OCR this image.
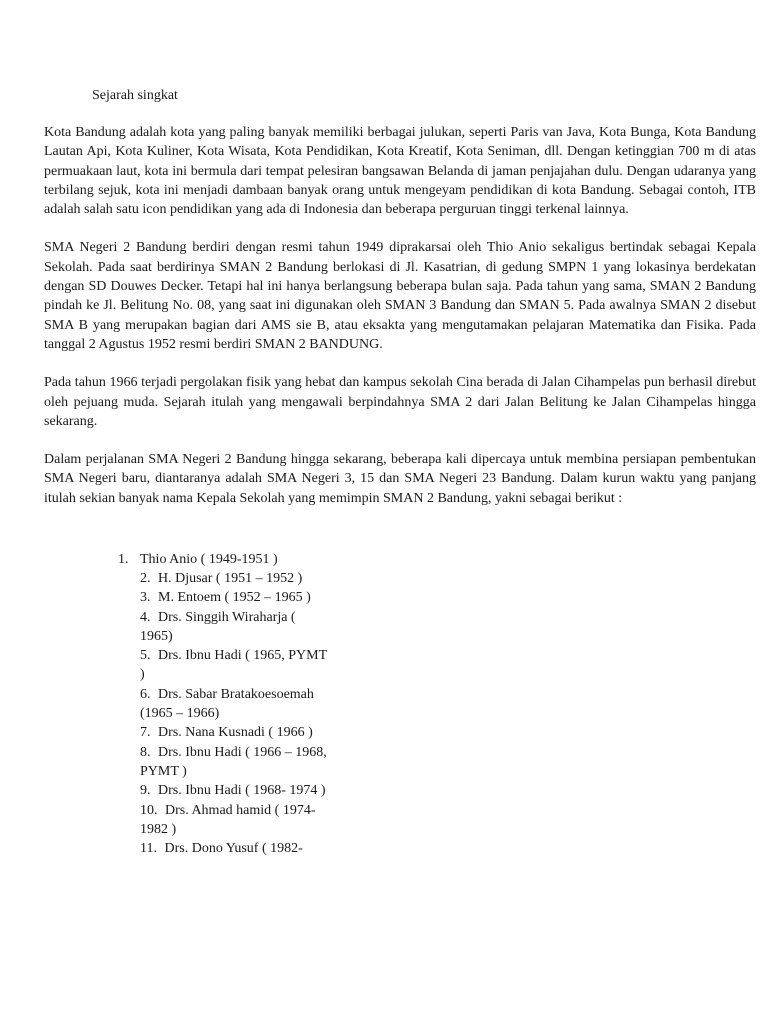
Sejarah singkat

Kota Bandung adalah kota yang paling banyak memiliki berbagai julukan, seperti Paris van Java, Kota Bunga, Kota Bandung Lautan Api, Kota Kuliner, Kota Wisata, Kota Pendidikan, Kota Kreatif, Kota Seniman, dll. Dengan ketinggian 700 m di atas permuakaan laut, kota ini bermula dari tempat pelesiran bangsawan Belanda di jaman penjajahan dulu. Dengan udaranya yang terbilang sejuk, kota ini menjadi dambaan banyak orang untuk mengeyam pendidikan di kota Bandung. Sebagai contoh, ITB adalah salah satu icon pendidikan yang ada di Indonesia dan beberapa perguruan tinggi terkenal lainnya.

SMA Negeri 2 Bandung berdiri dengan resmi tahun 1949 diprakarsai oleh Thio Anio sekaligus bertindak sebagai Kepala Sekolah. Pada saat berdirinya SMAN 2 Bandung berlokasi di Jl. Kasatrian, di gedung SMPN 1 yang lokasinya berdekatan dengan SD Douwes Decker. Tetapi hal ini hanya berlangsung beberapa bulan saja. Pada tahun yang sama, SMAN 2 Bandung pindah ke Jl. Belitung No. 08, yang saat ini digunakan oleh SMAN 3 Bandung dan SMAN 5. Pada awalnya SMAN 2 disebut SMA B yang merupakan bagian dari AMS sie B, atau eksakta yang mengutamakan pelajaran Matematika dan Fisika. Pada tanggal 2 Agustus 1952 resmi berdiri SMAN 2 BANDUNG.

Pada tahun 1966 terjadi pergolakan fisik yang hebat dan kampus sekolah Cina berada di Jalan Cihampelas pun berhasil direbut oleh pejuang muda. Sejarah itulah yang mengawali berpindahnya SMA 2 dari Jalan Belitung ke Jalan Cihampelas hingga sekarang.

Dalam perjalanan SMA Negeri 2 Bandung hingga sekarang, beberapa kali dipercaya untuk membina persiapan pembentukan SMA Negeri baru, diantaranya adalah SMA Negeri 3, 15 dan SMA Negeri 23 Bandung. Dalam kurun waktu yang panjang itulah sekian banyak nama Kepala Sekolah yang memimpin SMAN 2 Bandung, yakni sebagai berikut :

1. Thio Anio ( 1949-1951 )
2. H. Djusar ( 1951 – 1952 )
3. M. Entoem ( 1952 – 1965 )
4. Drs. Singgih Wiraharja ( 1965)
5. Drs. Ibnu Hadi ( 1965, PYMT )
6. Drs. Sabar Bratakoesoemah (1965 – 1966)
7. Drs. Nana Kusnadi ( 1966 )
8. Drs. Ibnu Hadi ( 1966 – 1968, PYMT )
9. Drs. Ibnu Hadi ( 1968- 1974 )
10. Drs. Ahmad hamid ( 1974-1982 )
11. Drs. Dono Yusuf ( 1982-
